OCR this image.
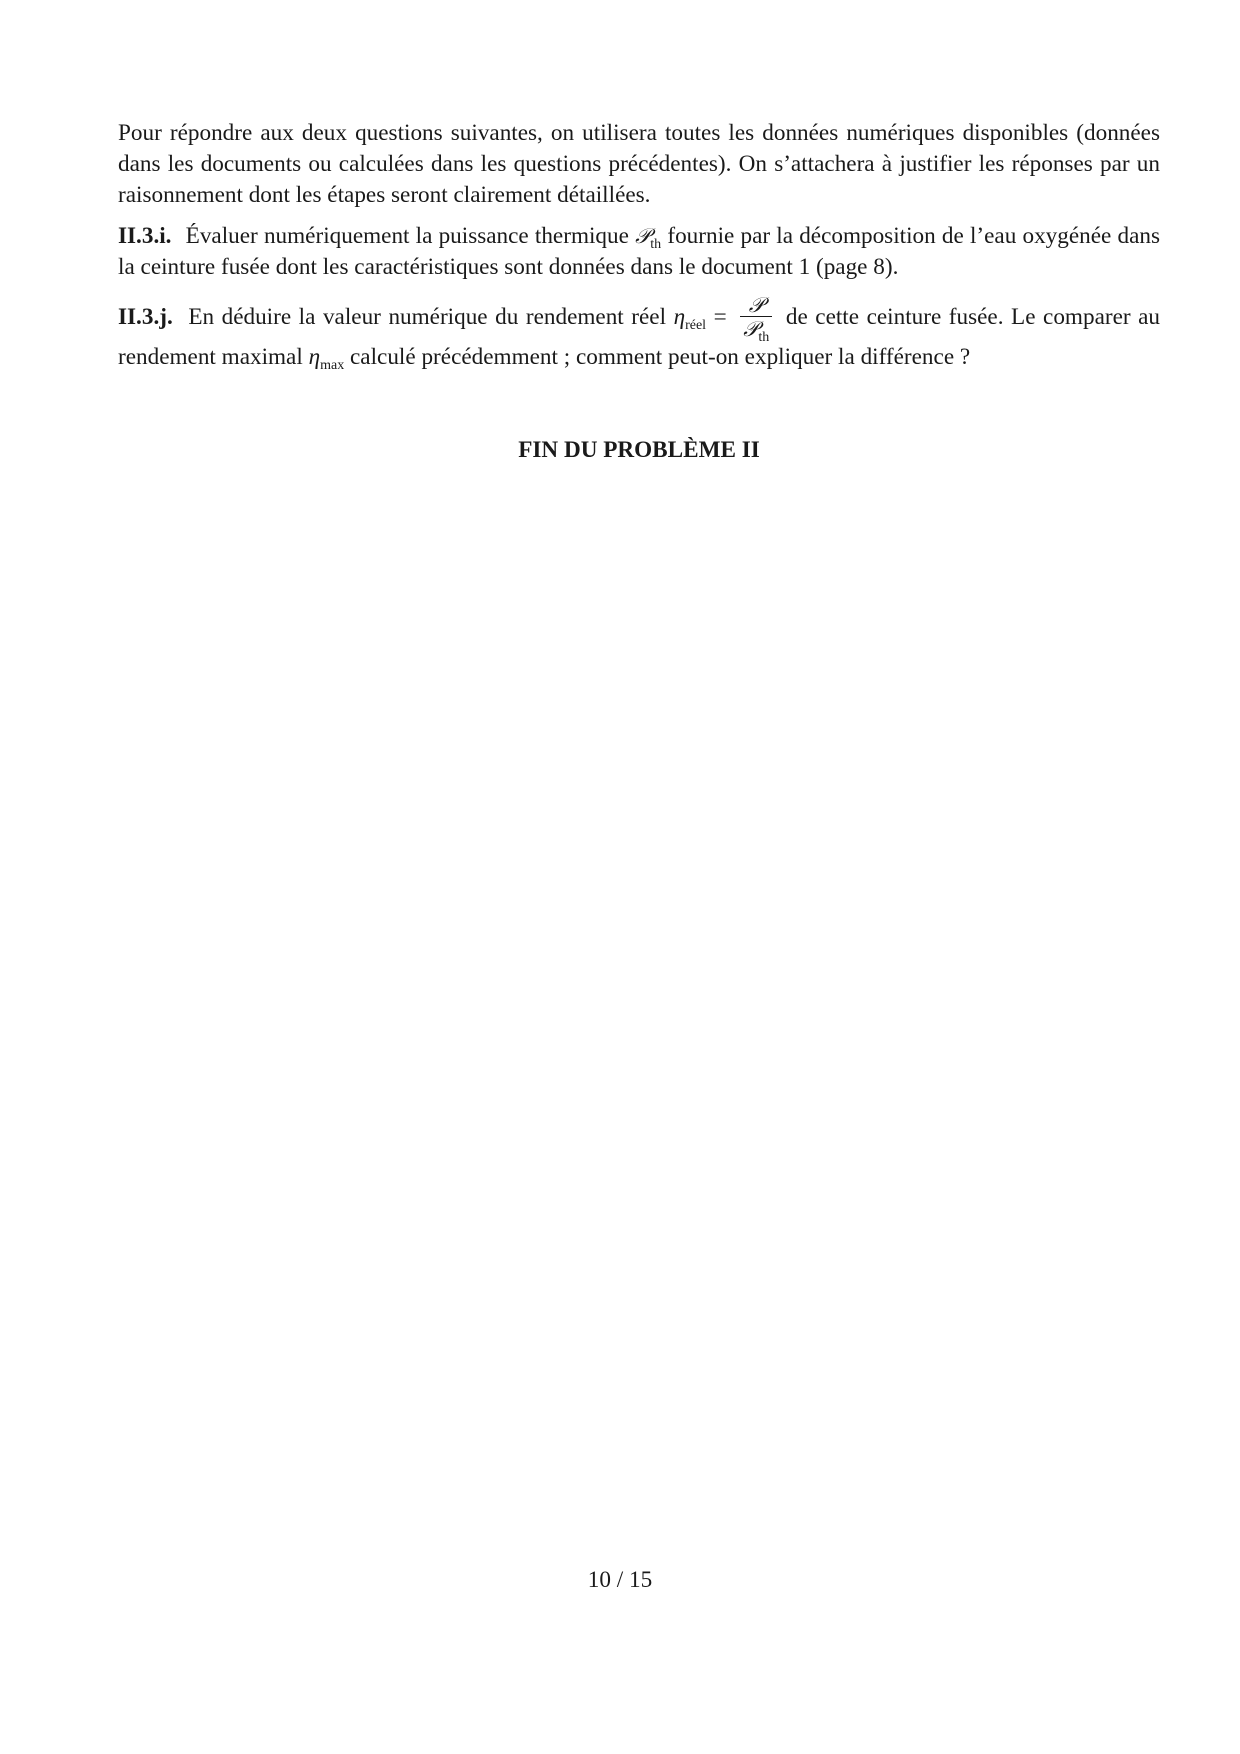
Pour répondre aux deux questions suivantes, on utilisera toutes les données numériques disponibles (données dans les documents ou calculées dans les questions précédentes). On s’attachera à justifier les réponses par un raisonnement dont les étapes seront clairement détaillées.

II.3.i. Évaluer numériquement la puissance thermique 𝒫$_{th}$ fournie par la décomposition de l’eau oxygénée dans la ceinture fusée dont les caractéristiques sont données dans le document 1 (page 8).

II.3.j. En déduire la valeur numérique du rendement réel $\eta_{réel} = \frac{\text{𝒫}}{𝒫_{th}}$ de cette ceinture fusée. Le comparer au rendement maximal $\eta_{max}$ calculé précédemment ; comment peut-on expliquer la différence ?

FIN DU PROBLÈME II
10 / 15
